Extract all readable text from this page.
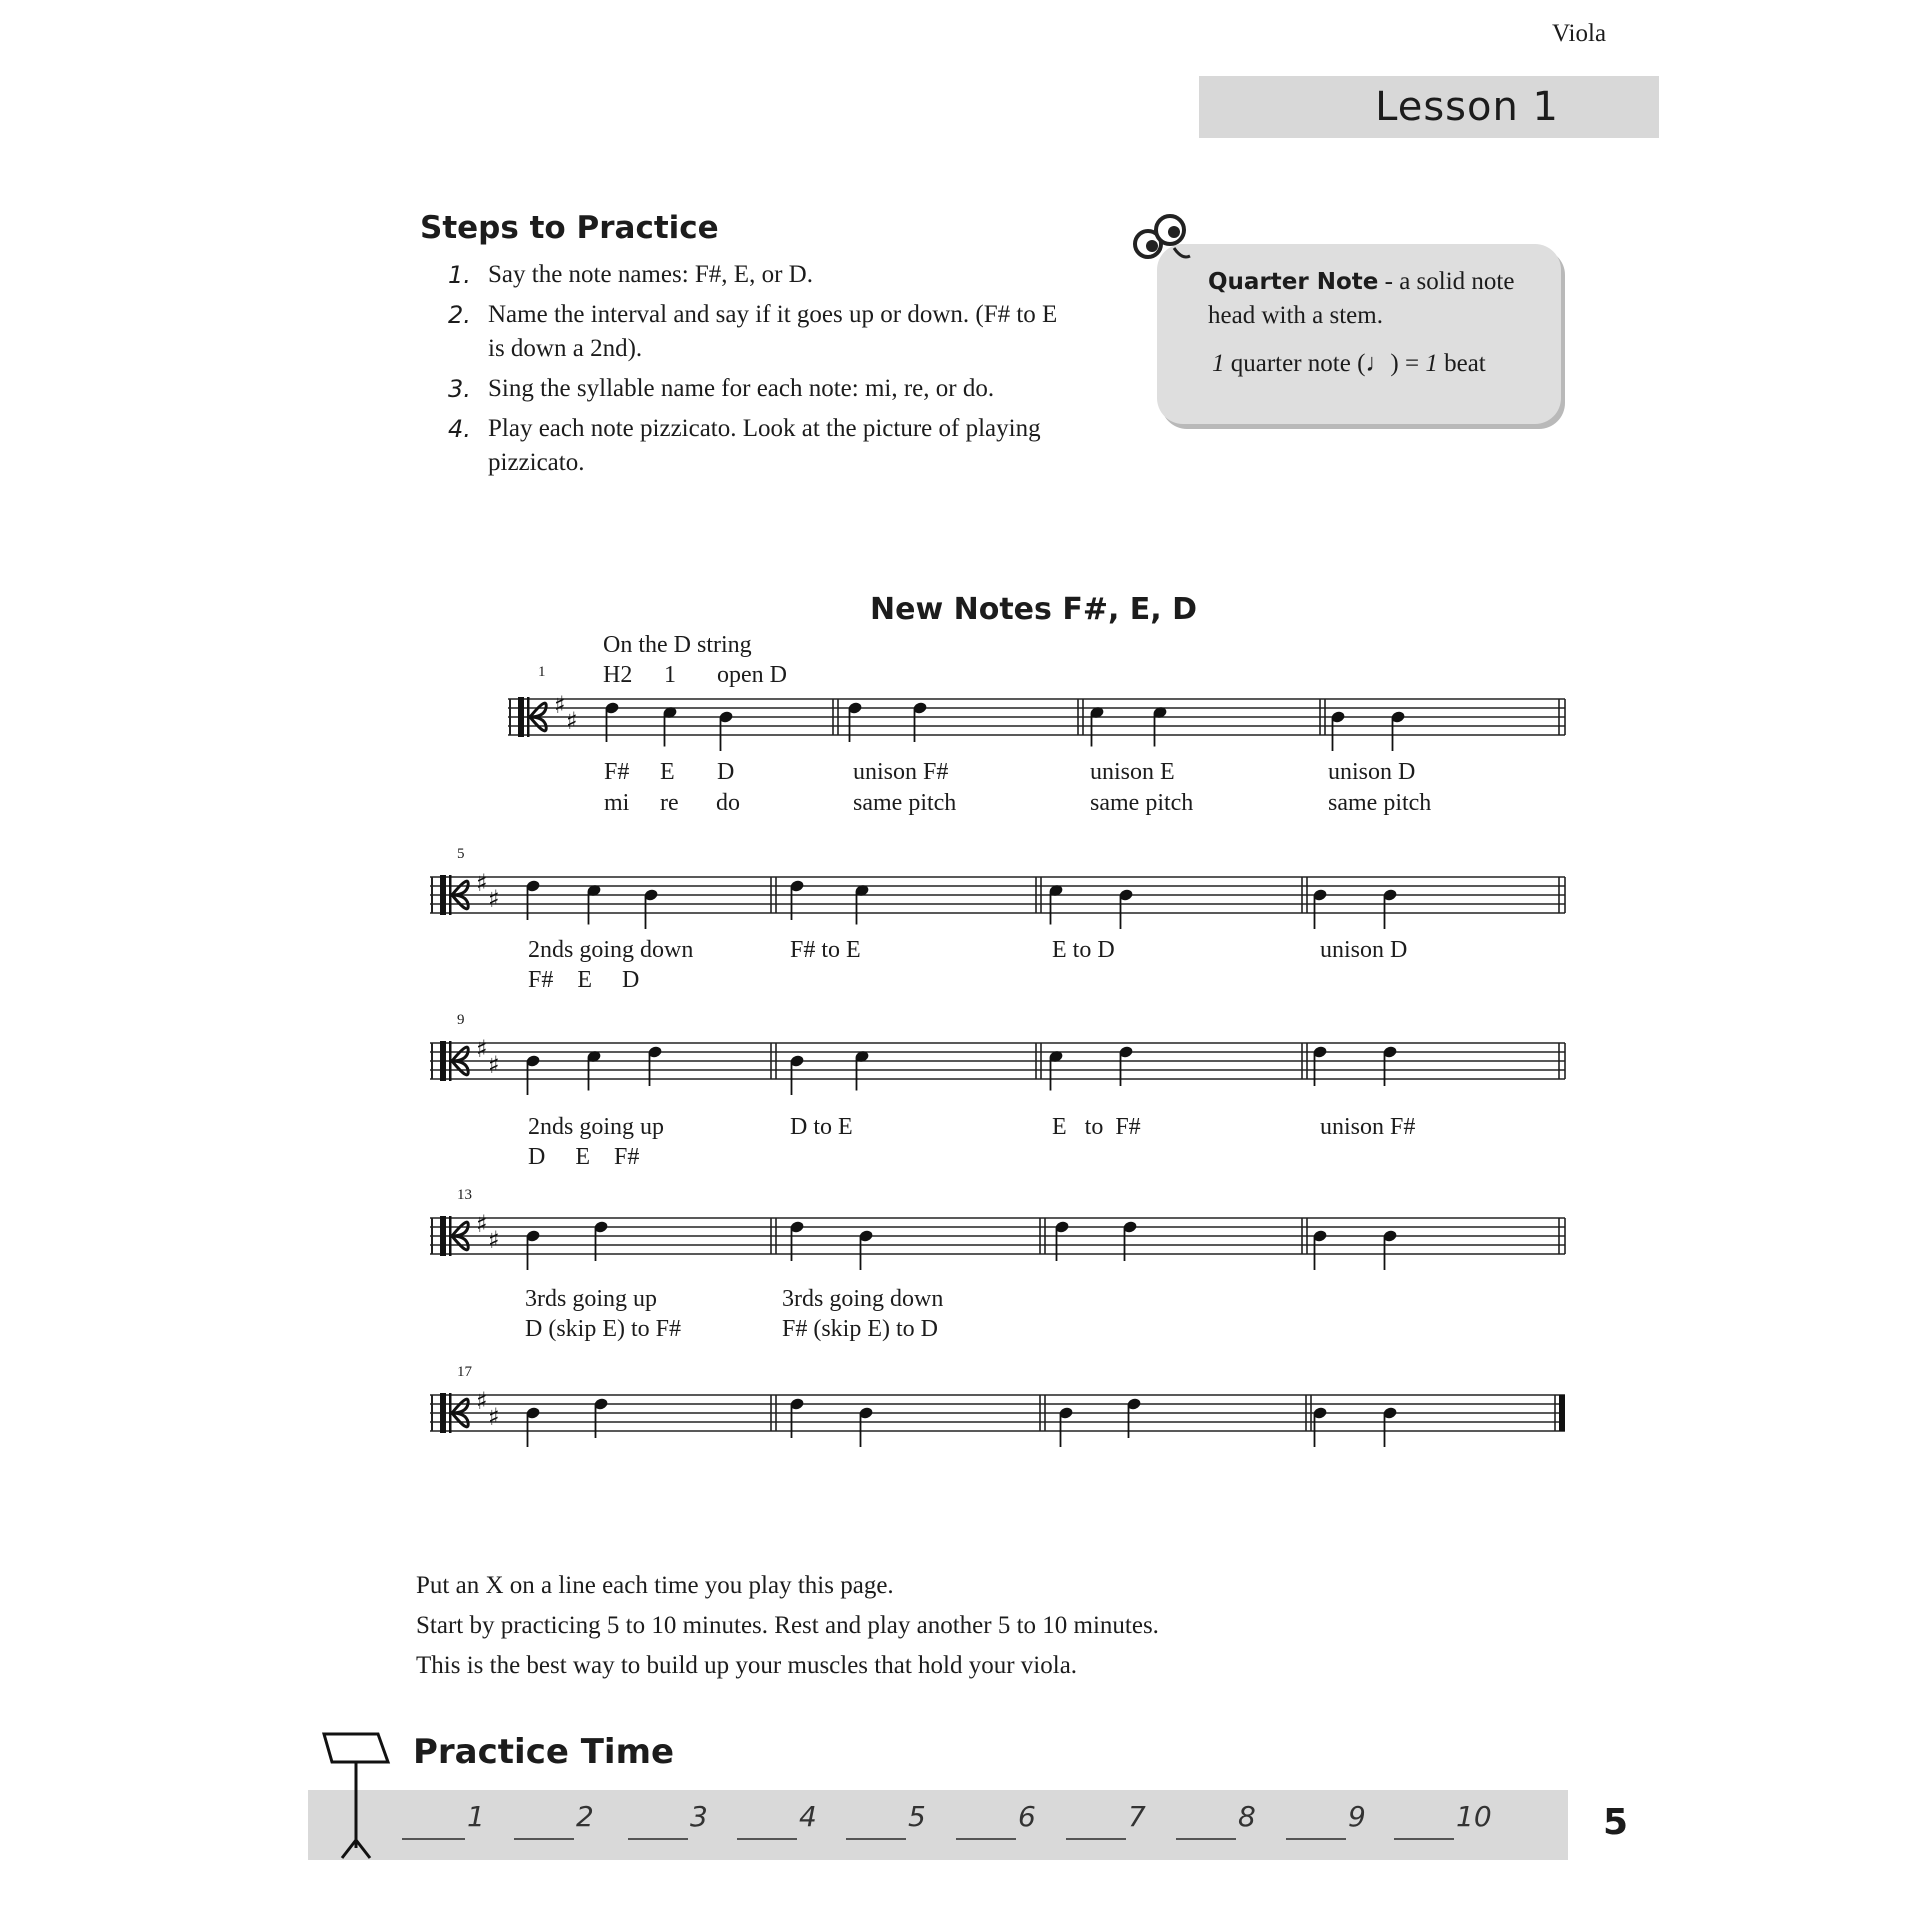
Viola
Lesson 1
Steps to Practice
1. Say the note names: F#, E, or D.
2. Name the interval and say if it goes up or down. (F# to E is down a 2nd).
3. Sing the syllable name for each note: mi, re, or do.
4. Play each note pizzicato. Look at the picture of playing pizzicato.
Quarter Note - a solid note head with a stem.
1 quarter note (♩) = 1 beat
New Notes F#, E, D
♯
♯
♯
♯
♯
♯
♯
♯
♯
♯
On the D string
H2 1 open D
1
F# E D
mi re do
unison F#
same pitch
unison E
same pitch
unison D
same pitch
5
2nds going down
F#    E     D
F# to E	E to D	unison D
9
2nds going up
D     E    F#
D to E	E   to  F#	unison F#
13
3rds going up
D (skip E) to F#
3rds going down
F# (skip E) to D
17
Put an X on a line each time you play this page.
Start by practicing 5 to 10 minutes. Rest and play another 5 to 10 minutes.
This is the best way to build up your muscles that hold your viola.
Practice Time
1	2	3	4	5	6	7	8	9	10	5
